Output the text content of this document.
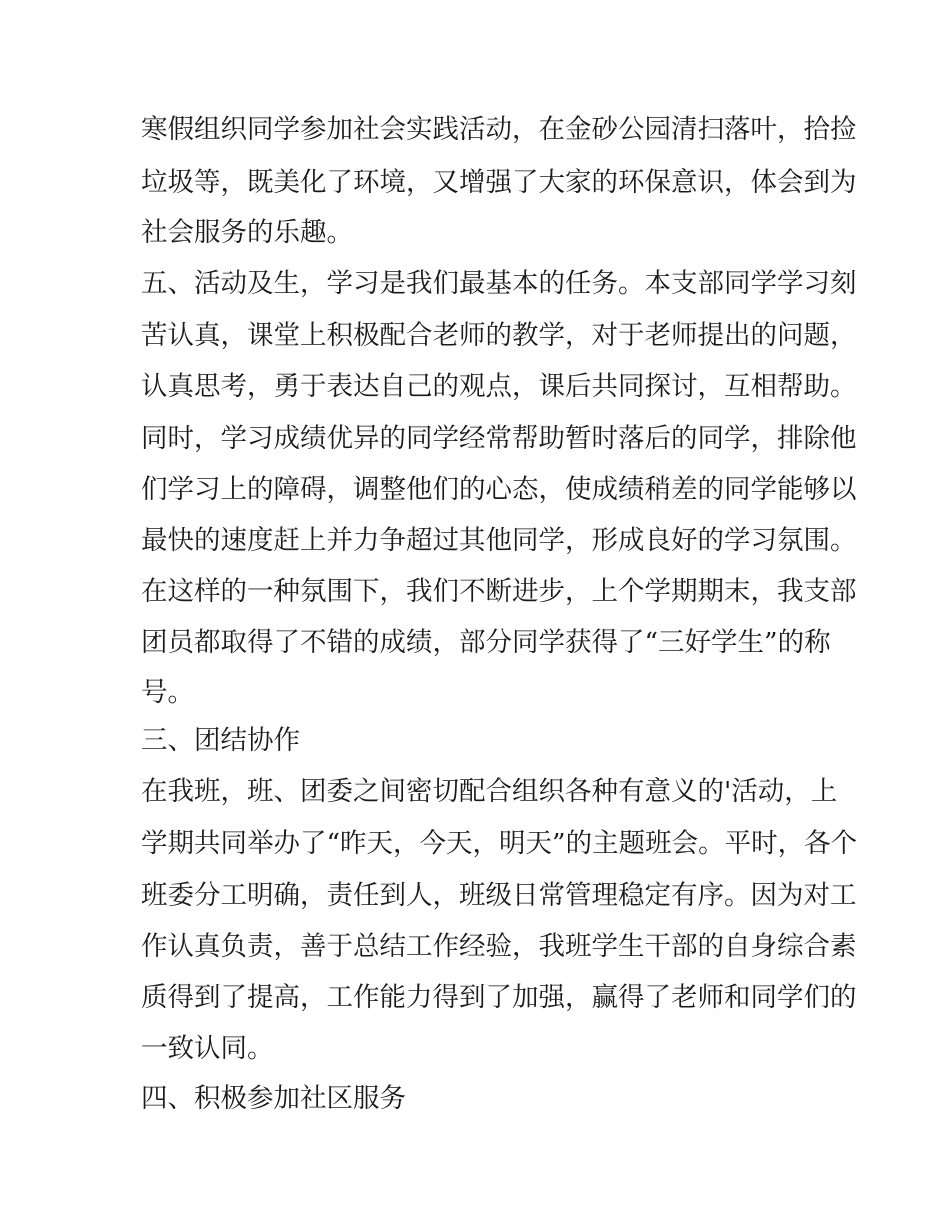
寒假组织同学参加社会实践活动，在金砂公园清扫落叶，拾捡

垃圾等，既美化了环境，又增强了大家的环保意识，体会到为

社会服务的乐趣。

五、活动及生，学习是我们最基本的任务。本支部同学学习刻

苦认真，课堂上积极配合老师的教学，对于老师提出的问题，

认真思考，勇于表达自己的观点，课后共同探讨，互相帮助。

同时，学习成绩优异的同学经常帮助暂时落后的同学，排除他

们学习上的障碍，调整他们的心态，使成绩稍差的同学能够以

最快的速度赶上并力争超过其他同学，形成良好的学习氛围。

在这样的一种氛围下，我们不断进步，上个学期期末，我支部

团员都取得了不错的成绩，部分同学获得了“三好学生”的称

号。

三、团结协作

在我班，班、团委之间密切配合组织各种有意义的'活动，上

学期共同举办了“昨天，今天，明天”的主题班会。平时，各个

班委分工明确，责任到人，班级日常管理稳定有序。因为对工

作认真负责，善于总结工作经验，我班学生干部的自身综合素

质得到了提高，工作能力得到了加强，赢得了老师和同学们的

一致认同。

四、积极参加社区服务
